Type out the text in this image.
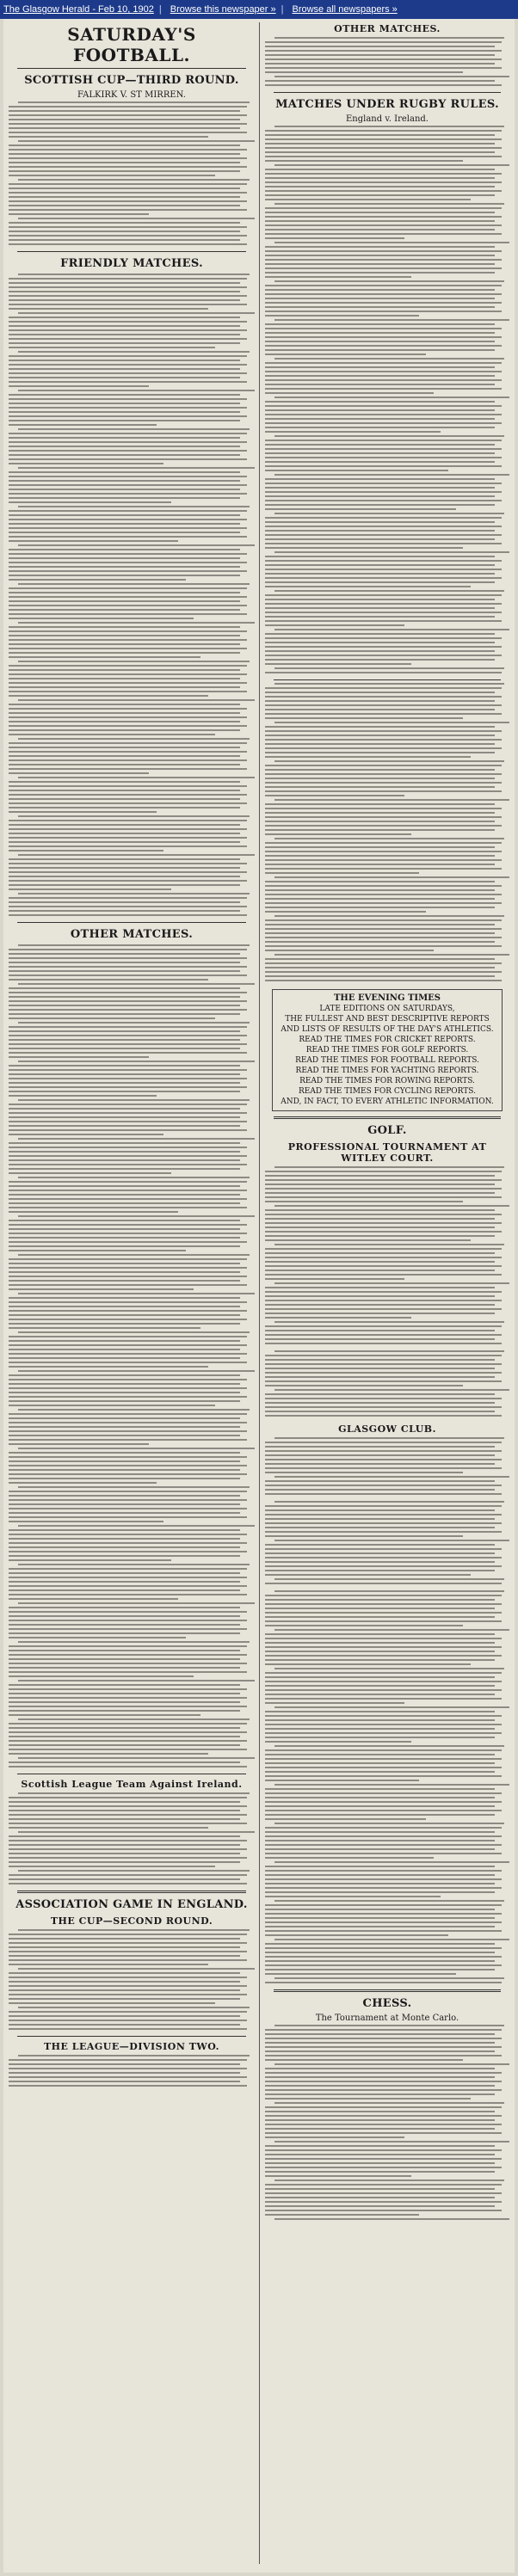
The Glasgow Herald - Feb 10, 1902 | Browse this newspaper » | Browse all newspapers »
SATURDAY'S FOOTBALL.
SCOTTISH CUP—THIRD ROUND.
FALKIRK V. ST MIRREN.
FRIENDLY MATCHES.
OTHER MATCHES.
Scottish League Team Against Ireland.
ASSOCIATION GAME IN ENGLAND.
THE CUP—SECOND ROUND.
THE LEAGUE—DIVISION TWO.
OTHER MATCHES.
MATCHES UNDER RUGBY RULES.
England v. Ireland.
THE EVENING TIMES
LATE EDITIONS ON SATURDAYS,
THE FULLEST AND BEST DESCRIPTIVE REPORTS
AND LISTS OF RESULTS OF THE DAY'S ATHLETICS.
READ THE TIMES FOR CRICKET REPORTS.
READ THE TIMES FOR GOLF REPORTS.
READ THE TIMES FOR FOOTBALL REPORTS.
READ THE TIMES FOR YACHTING REPORTS.
READ THE TIMES FOR ROWING REPORTS.
READ THE TIMES FOR CYCLING REPORTS.
AND, IN FACT, TO EVERY ATHLETIC INFORMATION.
GOLF.
PROFESSIONAL TOURNAMENT AT WITLEY COURT.
GLASGOW CLUB.
CHESS.
The Tournament at Monte Carlo.
